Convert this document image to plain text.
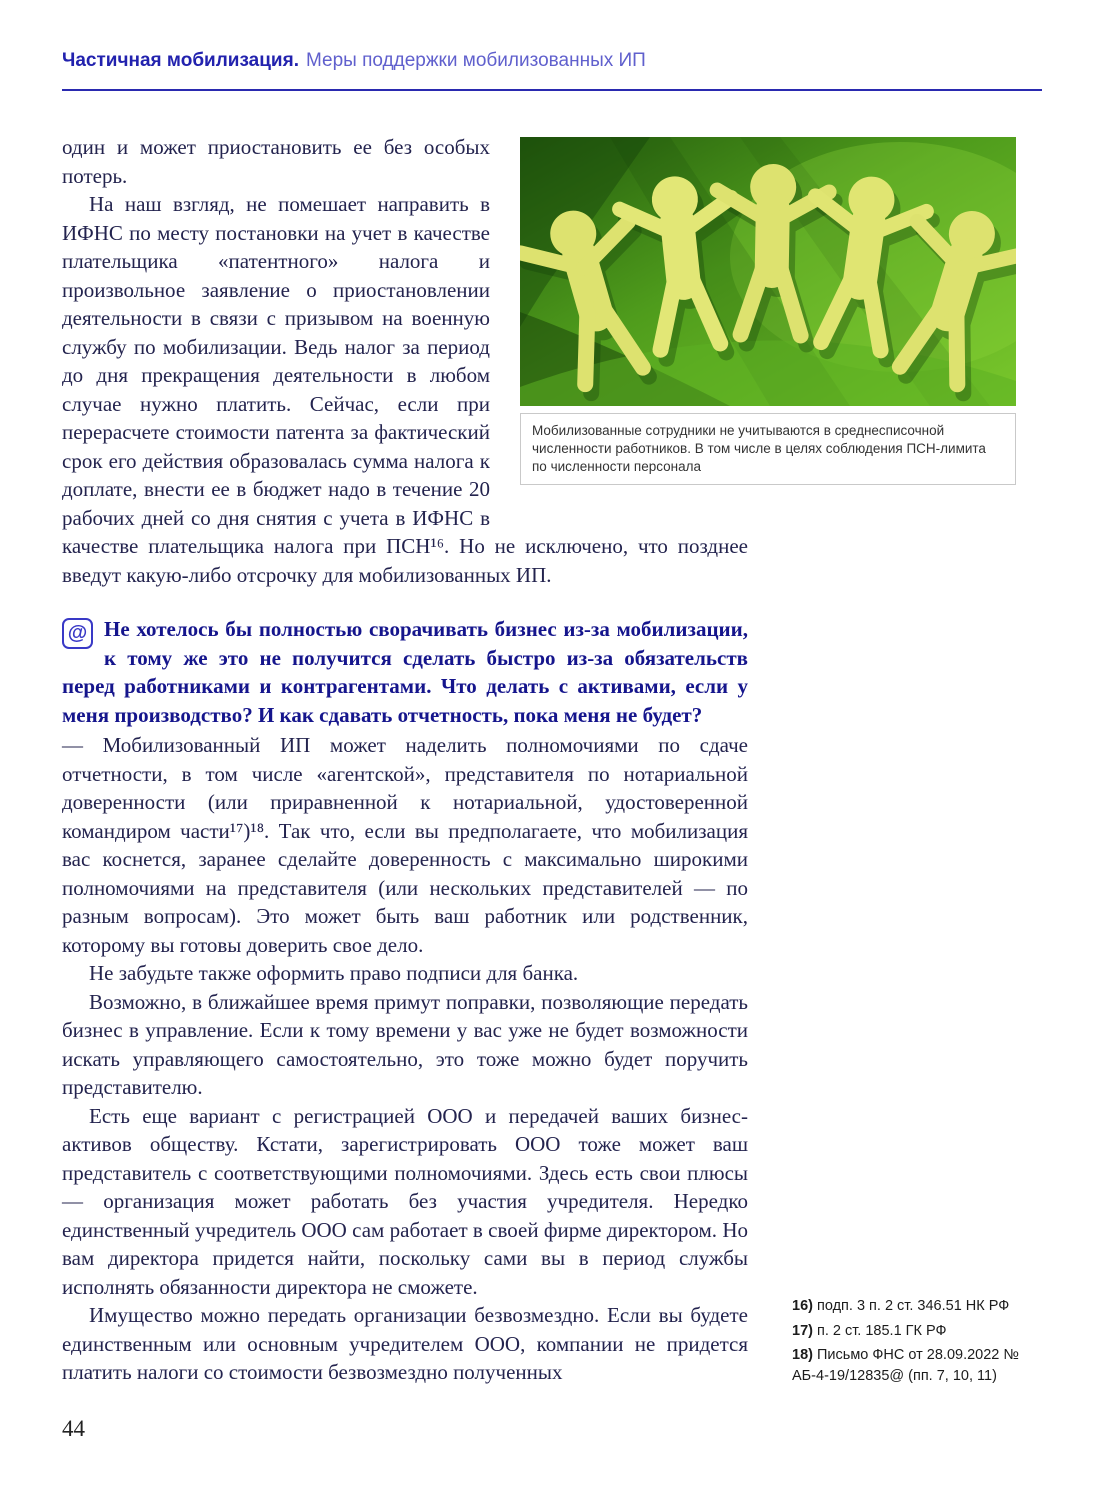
Частичная мобилизация. Меры поддержки мобилизованных ИП
Мобилизованные сотрудники не учитываются в среднесписочной численности работников. В том числе в целях соблюдения ПСН-лимита по численности персонала

один и может приостановить ее без особых потерь.

На наш взгляд, не помешает направить в ИФНС по месту постановки на учет в качестве плательщика «патентного» налога и произвольное заявление о приостановлении деятельности в связи с призывом на военную службу по мобилизации. Ведь налог за период до дня прекращения деятельности в любом случае нужно платить. Сейчас, если при перерасчете стоимости патента за фактический срок его действия образовалась сумма налога к доплате, внести ее в бюджет надо в течение 20 рабочих дней со дня снятия с учета в ИФНС в качестве плательщика налога при ПСН¹⁶. Но не исключено, что позднее введут какую-либо отсрочку для мобилизованных ИП.

@ Не хотелось бы полностью сворачивать бизнес из-за мобилизации, к тому же это не получится сделать быстро из-за обязательств перед работниками и контрагентами. Что делать с активами, если у меня производство? И как сдавать отчетность, пока меня не будет?

— Мобилизованный ИП может наделить полномочиями по сдаче отчетности, в том числе «агентской», представителя по нотариальной доверенности (или приравненной к нотариальной, удостоверенной командиром части¹⁷)¹⁸. Так что, если вы предполагаете, что мобилизация вас коснется, заранее сделайте доверенность с максимально широкими полномочиями на представителя (или нескольких представителей — по разным вопросам). Это может быть ваш работник или родственник, которому вы готовы доверить свое дело.

Не забудьте также оформить право подписи для банка.

Возможно, в ближайшее время примут поправки, позволяющие передать бизнес в управление. Если к тому времени у вас уже не будет возможности искать управляющего самостоятельно, это тоже можно будет поручить представителю.

Есть еще вариант с регистрацией ООО и передачей ваших бизнес-активов обществу. Кстати, зарегистрировать ООО тоже может ваш представитель с соответствующими полномочиями. Здесь есть свои плюсы — организация может работать без участия учредителя. Нередко единственный учредитель ООО сам работает в своей фирме директором. Но вам директора придется найти, поскольку сами вы в период службы исполнять обязанности директора не сможете.

Имущество можно передать организации безвозмездно. Если вы будете единственным или основным учредителем ООО, компании не придется платить налоги со стоимости безвозмездно полученных

16) подп. 3 п. 2 ст. 346.51 НК РФ
17) п. 2 ст. 185.1 ГК РФ
18) Письмо ФНС от 28.09.2022 № АБ-4-19/12835@ (пп. 7, 10, 11)
44
